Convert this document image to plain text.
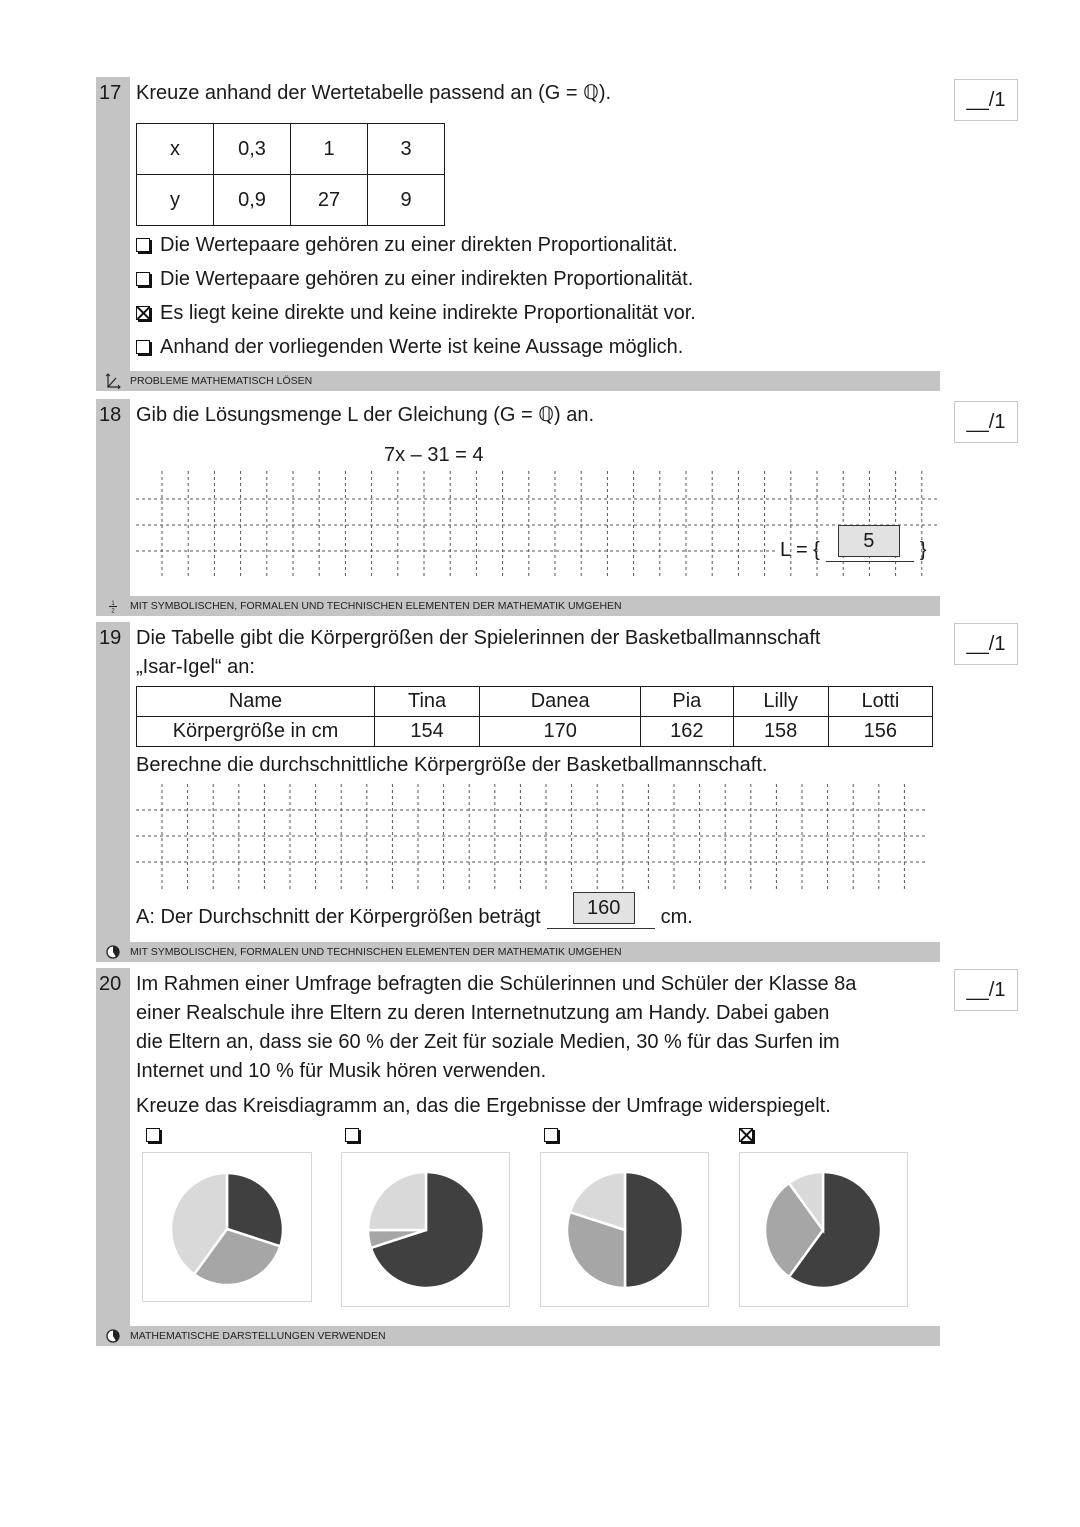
17 Kreuze anhand der Wertetabelle passend an (G = ℚ).
x	0,3	1	3
y	0,9	27	9
Die Wertepaare gehören zu einer direkten Proportionalität.
Die Wertepaare gehören zu einer indirekten Proportionalität.
Es liegt keine direkte und keine indirekte Proportionalität vor.
Anhand der vorliegenden Werte ist keine Aussage möglich.
PROBLEME MATHEMATISCH LÖSEN
__/1
18 Gib die Lösungsmenge L der Gleichung (G = ℚ) an.
7x – 31 = 4
L = {	5	}
1
2 MIT SYMBOLISCHEN, FORMALEN UND TECHNISCHEN ELEMENTEN DER MATHEMATIK UMGEHEN
__/1
19 Die Tabelle gibt die Körpergrößen der Spielerinnen der Basketballmannschaft
„Isar-Igel“ an:
Name	Tina	Danea	Pia	Lilly	Lotti
Körpergröße in cm	154	170	162	158	156
Berechne die durchschnittliche Körpergröße der Basketballmannschaft.
A: Der Durchschnitt der Körpergrößen beträgt	160	cm.
MIT SYMBOLISCHEN, FORMALEN UND TECHNISCHEN ELEMENTEN DER MATHEMATIK UMGEHEN
__/1
20 Im Rahmen einer Umfrage befragten die Schülerinnen und Schüler der Klasse 8a
einer Realschule ihre Eltern zu deren Internetnutzung am Handy. Dabei gaben
die Eltern an, dass sie 60 % der Zeit für soziale Medien, 30 % für das Surfen im
Internet und 10 % für Musik hören verwenden.
Kreuze das Kreisdiagramm an, das die Ergebnisse der Umfrage widerspiegelt.
MATHEMATISCHE DARSTELLUNGEN VERWENDEN
__/1
